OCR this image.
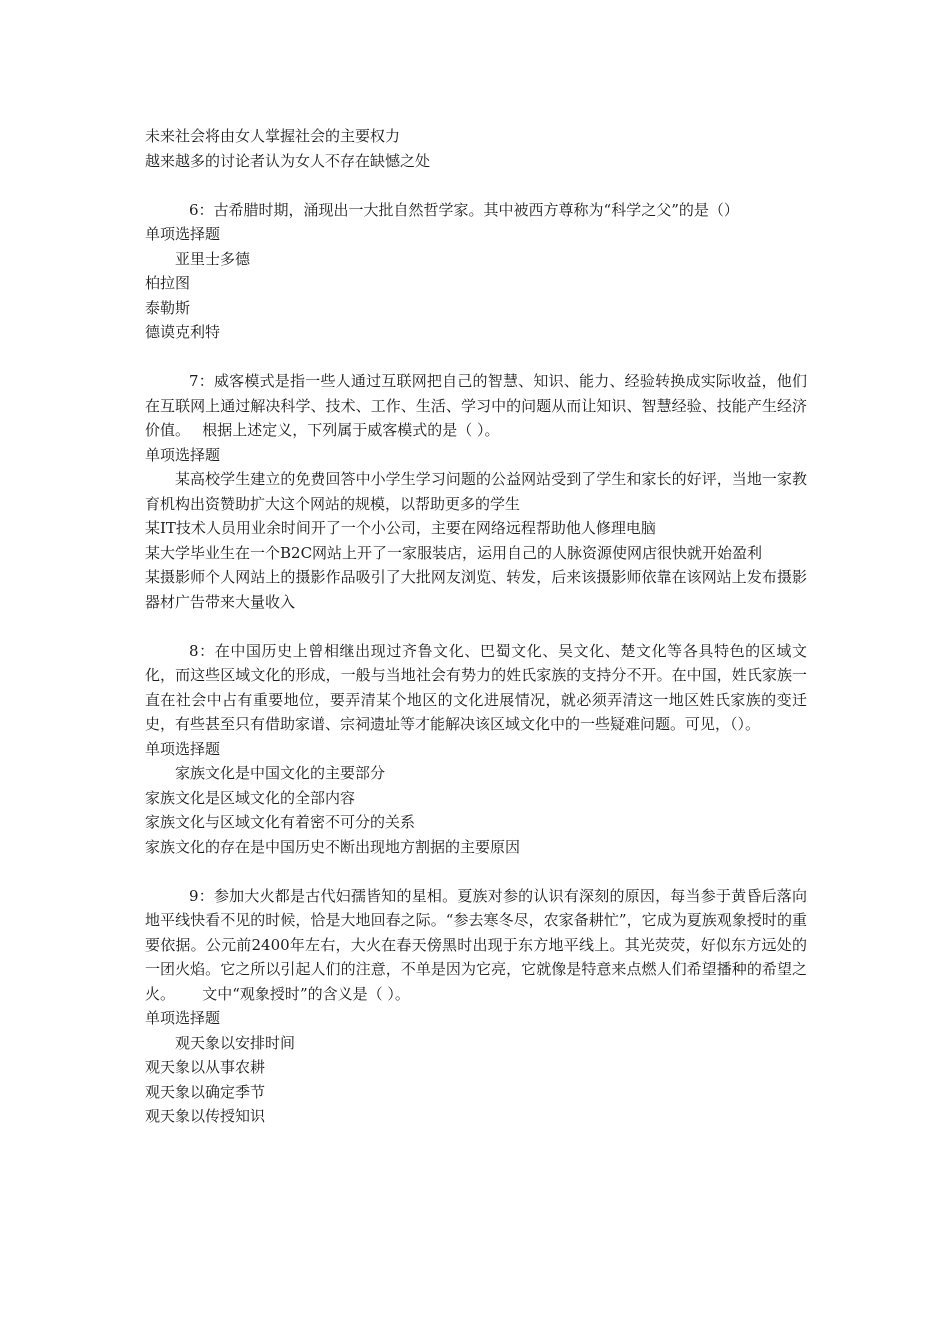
未来社会将由女人掌握社会的主要权力
越来越多的讨论者认为女人不存在缺憾之处
6：古希腊时期，涌现出一大批自然哲学家。其中被西方尊称为“科学之父”的是（）
单项选择题
亚里士多德
柏拉图
泰勒斯
德谟克利特
7：威客模式是指一些人通过互联网把自己的智慧、知识、能力、经验转换成实际收益，他们在互联网上通过解决科学、技术、工作、生活、学习中的问题从而让知识、智慧经验、技能产生经济价值。　 根据上述定义，下列属于威客模式的是（ ）。
单项选择题
某高校学生建立的免费回答中小学生学习问题的公益网站受到了学生和家长的好评，当地一家教育机构出资赞助扩大这个网站的规模，以帮助更多的学生
某IT技术人员用业余时间开了一个小公司，主要在网络远程帮助他人修理电脑
某大学毕业生在一个B2C网站上开了一家服装店，运用自己的人脉资源使网店很快就开始盈利
某摄影师个人网站上的摄影作品吸引了大批网友浏览、转发，后来该摄影师依靠在该网站上发布摄影器材广告带来大量收入
8：在中国历史上曾相继出现过齐鲁文化、巴蜀文化、吴文化、楚文化等各具特色的区域文化，而这些区域文化的形成，一般与当地社会有势力的姓氏家族的支持分不开。在中国，姓氏家族一直在社会中占有重要地位，要弄清某个地区的文化进展情况，就必须弄清这一地区姓氏家族的变迁史，有些甚至只有借助家谱、宗祠遗址等才能解决该区域文化中的一些疑难问题。可见，（）。
单项选择题
家族文化是中国文化的主要部分
家族文化是区域文化的全部内容
家族文化与区域文化有着密不可分的关系
家族文化的存在是中国历史不断出现地方割据的主要原因
9：参加大火都是古代妇孺皆知的星相。夏族对参的认识有深刻的原因，每当参于黄昏后落向地平线快看不见的时候，恰是大地回春之际。“参去寒冬尽，农家备耕忙”，它成为夏族观象授时的重要依据。公元前2400年左右，大火在春天傍黑时出现于东方地平线上。其光荧荧，好似东方远处的一团火焰。它之所以引起人们的注意，不单是因为它亮，它就像是特意来点燃人们希望播种的希望之火。　　 文中“观象授时”的含义是（ ）。
单项选择题
观天象以安排时间
观天象以从事农耕
观天象以确定季节
观天象以传授知识
